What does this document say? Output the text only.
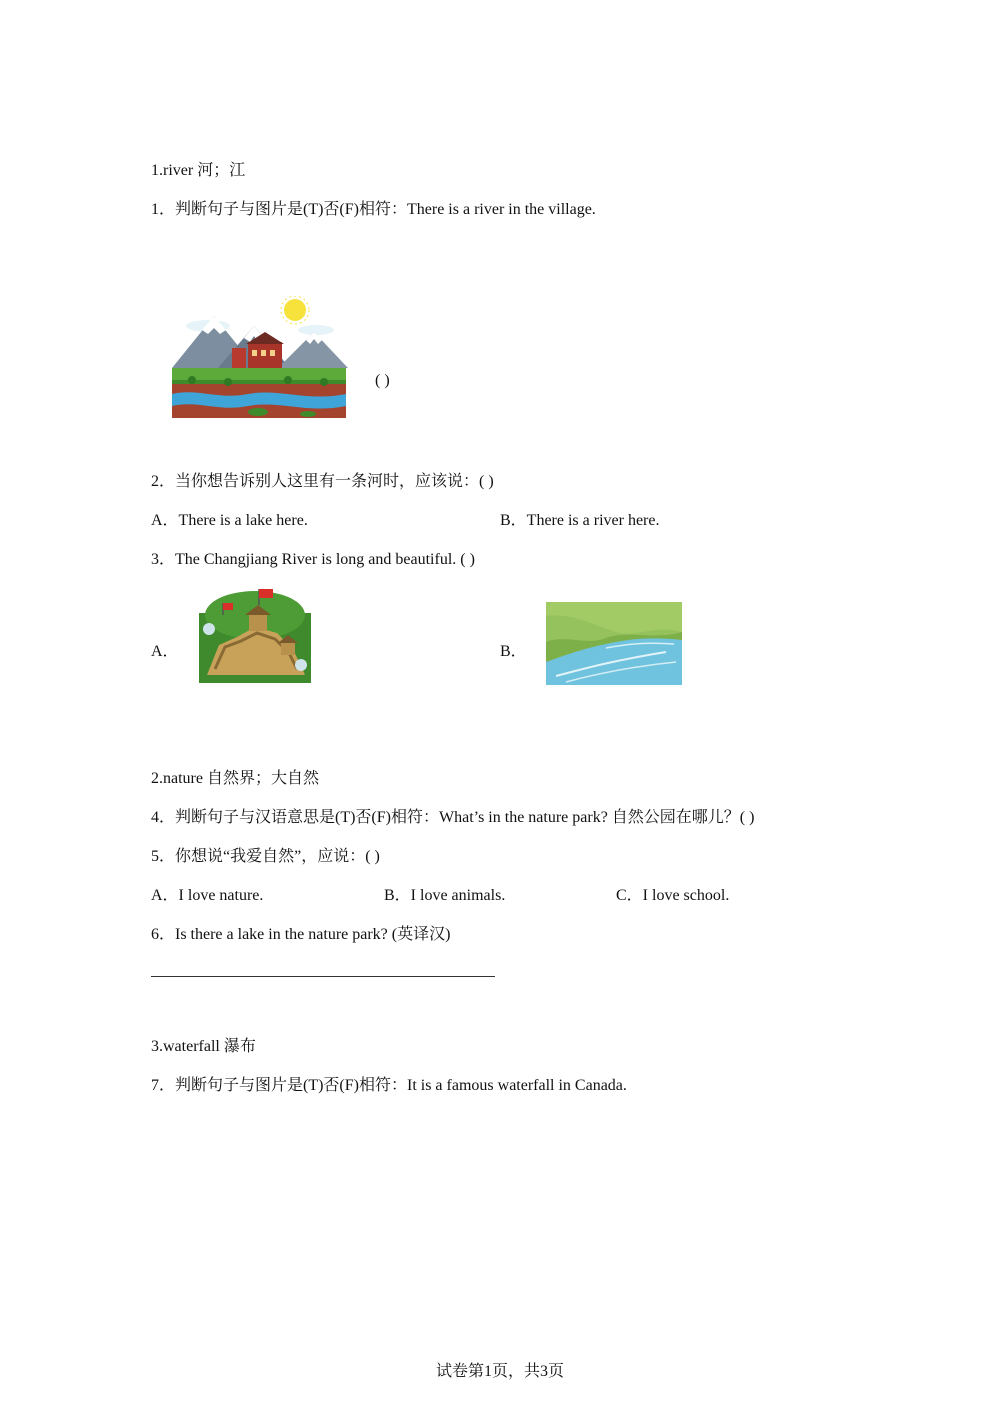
1.river 河；江
1．判断句子与图片是(T)否(F)相符：There is a river in the village.
( )
2．当你想告诉别人这里有一条河时，应该说：( )
A．There is a lake here.	B．There is a river here.
3．The Changjiang River is long and beautiful. ( )
A．	B．
2.nature 自然界；大自然
4．判断句子与汉语意思是(T)否(F)相符：What’s in the nature park? 自然公园在哪儿？( )
5．你想说“我爱自然”，应说：( )
A．I love nature.	B．I love animals.	C．I love school.
6．Is there a lake in the nature park? (英译汉)
3.waterfall 瀑布
7．判断句子与图片是(T)否(F)相符：It is a famous waterfall in Canada.
试卷第1页，共3页
